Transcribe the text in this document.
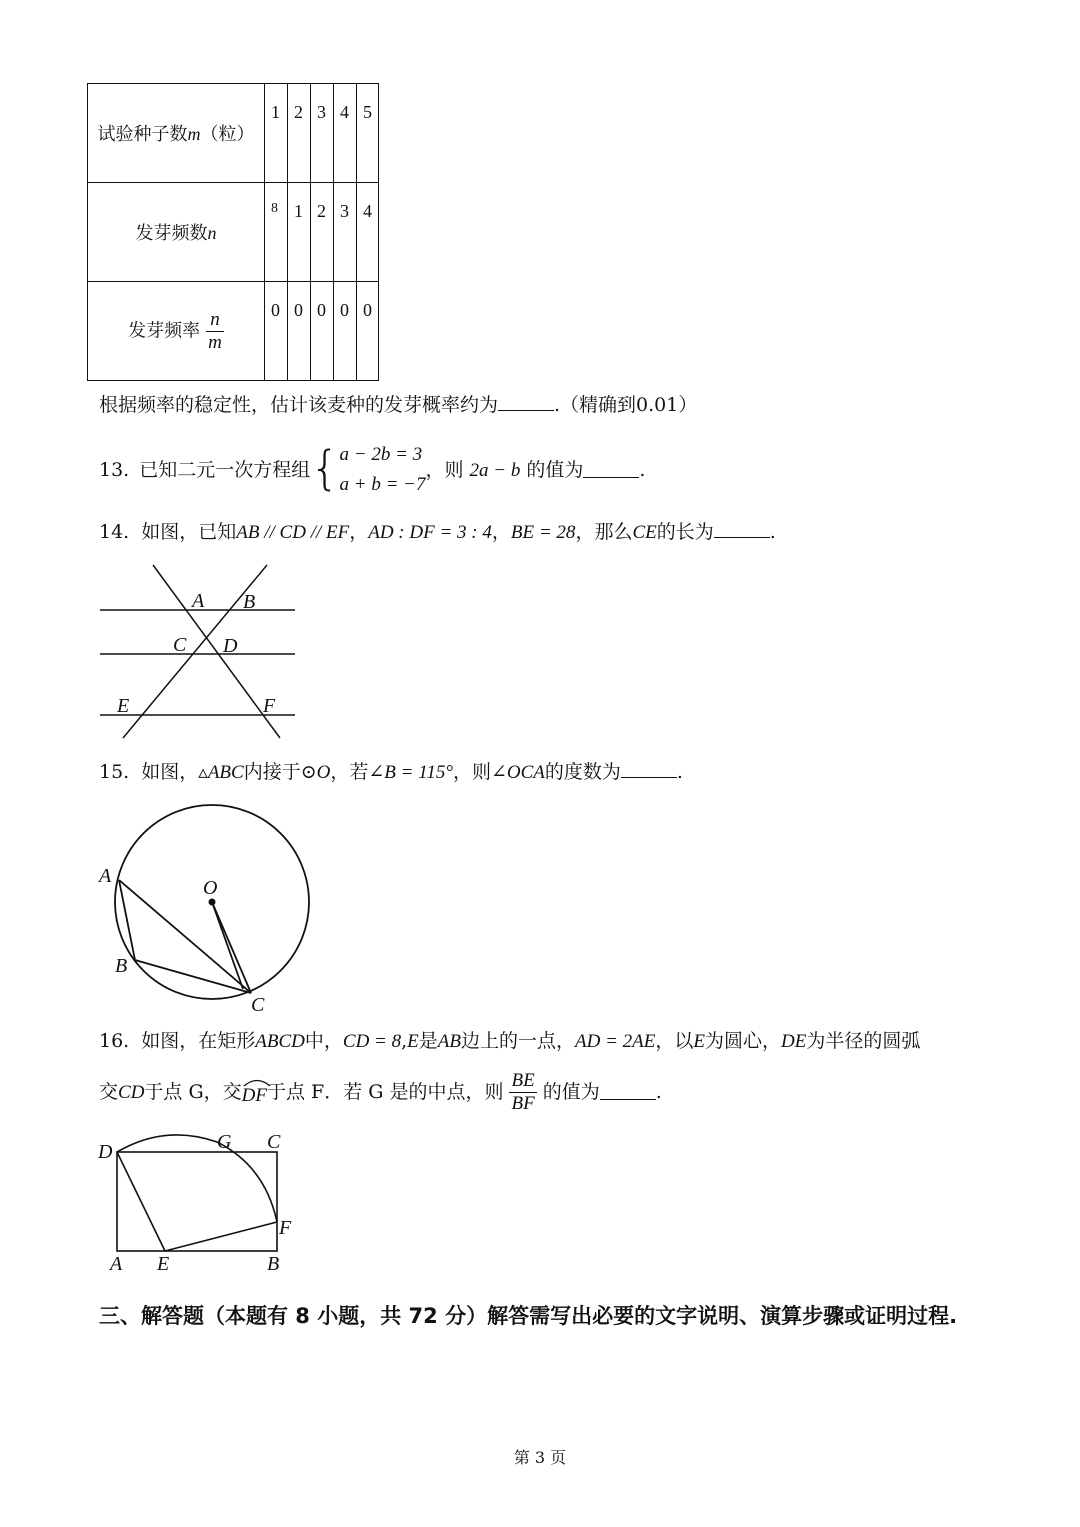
试验种子数m（粒）	1	2	3	4	5
发芽频数n	8	1	2	3	4
发芽频率 $\frac{n}{m}$	0	0	0	0	0
根据频率的稳定性，估计该麦种的发芽概率约为	.（精确到0.01）
13. 已知二元一次方程组 { a − 2b = 3
a + b = −7
，则 2a − b 的值为	.
14. 如图，已知AB // CD // EF，AD : DF = 3 : 4，BE = 28，那么CE的长为	.
A B
C D
E	F
15. 如图，▵ABC内接于⊙O，若∠B = 115°，则∠OCA的度数为	.
A
O
B
C
16. 如图，在矩形ABCD中，CD = 8,E是AB边上的一点，AD = 2AE，以E为圆心，DE为半径的圆弧
交 CD 于点 G，交 DF 于点 F．若 G 是 的中点，则 $\frac{BE}{BF}$ 的值为	.
D	G C
F
A E	B
三、解答题（本题有 8 小题，共 72 分）解答需写出必要的文字说明、演算步骤或证明过程.
第 3 页
